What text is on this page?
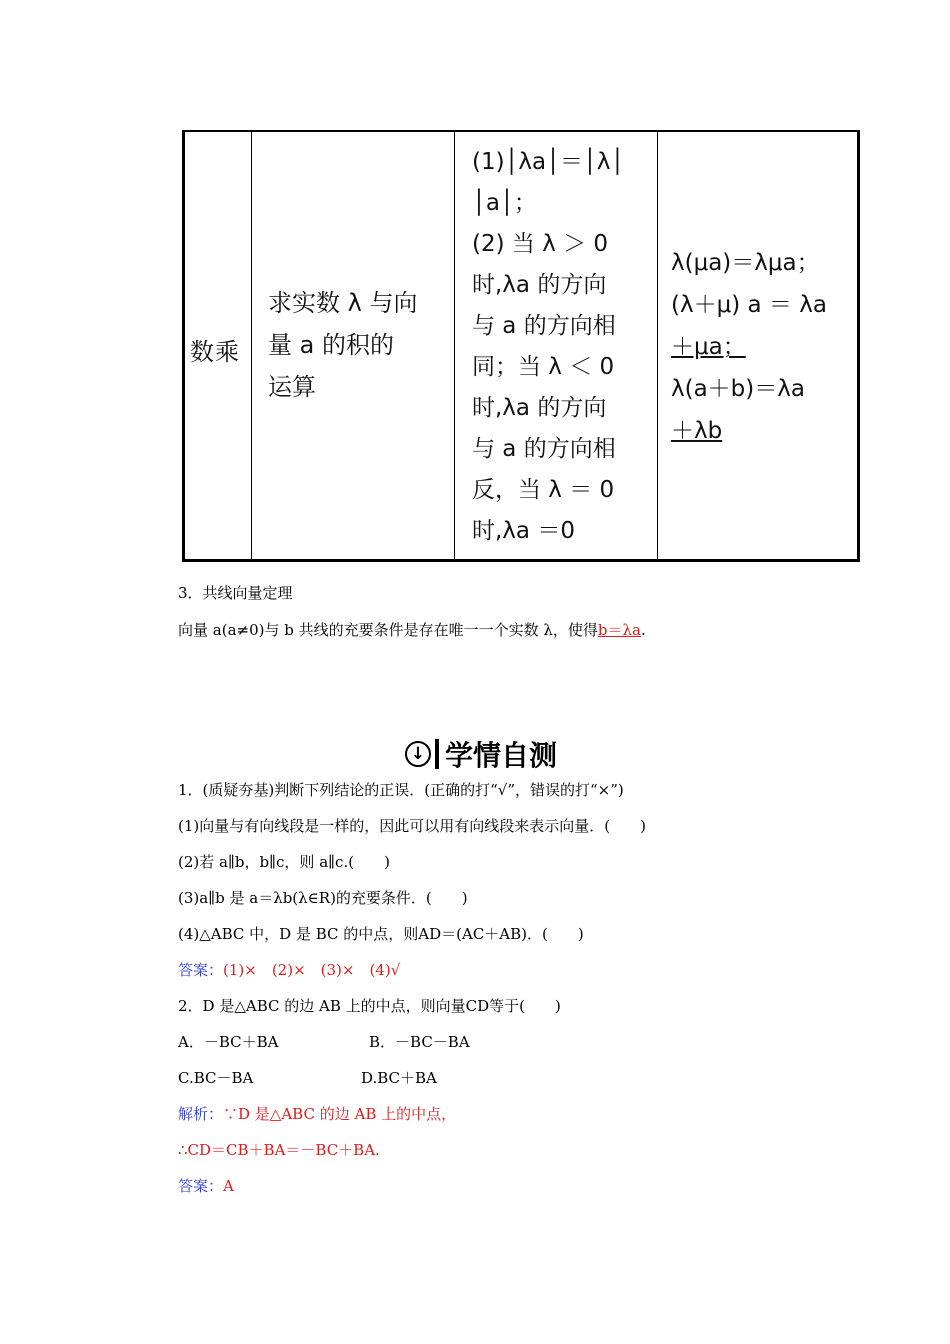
数乘
求实数 λ 与向
量 a 的积的
运算
(1)│λa│＝│λ│
│a│；
(2) 当 λ ＞ 0
时,λa 的方向
与 a 的方向相
同；当 λ ＜ 0
时,λa 的方向
与 a 的方向相
反，当 λ ＝ 0
时,λa ＝0
λ(μa)＝λμa；
(λ＋μ) a ＝ λa
＋μa；
λ(a＋b)＝λa
＋λb
3．共线向量定理
向量 a(a≠0)与 b 共线的充要条件是存在唯一一个实数 λ，使得b＝λa.
↓ 学情自测
1．(质疑夯基)判断下列结论的正误．(正确的打“√”，错误的打“×”)
(1)向量与有向线段是一样的，因此可以用有向线段来表示向量．(　　)
(2)若 a∥b，b∥c，则 a∥c.(　　)
(3)a∥b 是 a＝λb(λ∈R)的充要条件．(　　)
(4)△ABC 中，D 是 BC 的中点，则AD＝(AC＋AB)．(　　)
答案：(1)×　(2)×　(3)×　(4)√
2．D 是△ABC 的边 AB 上的中点，则向量CD等于(　　)
A．－BC＋BA	B．－BC－BA
C.BC－BA	D.BC＋BA
解析：∵D 是△ABC 的边 AB 上的中点，
∴CD＝CB＋BA＝－BC＋BA.
答案：A
